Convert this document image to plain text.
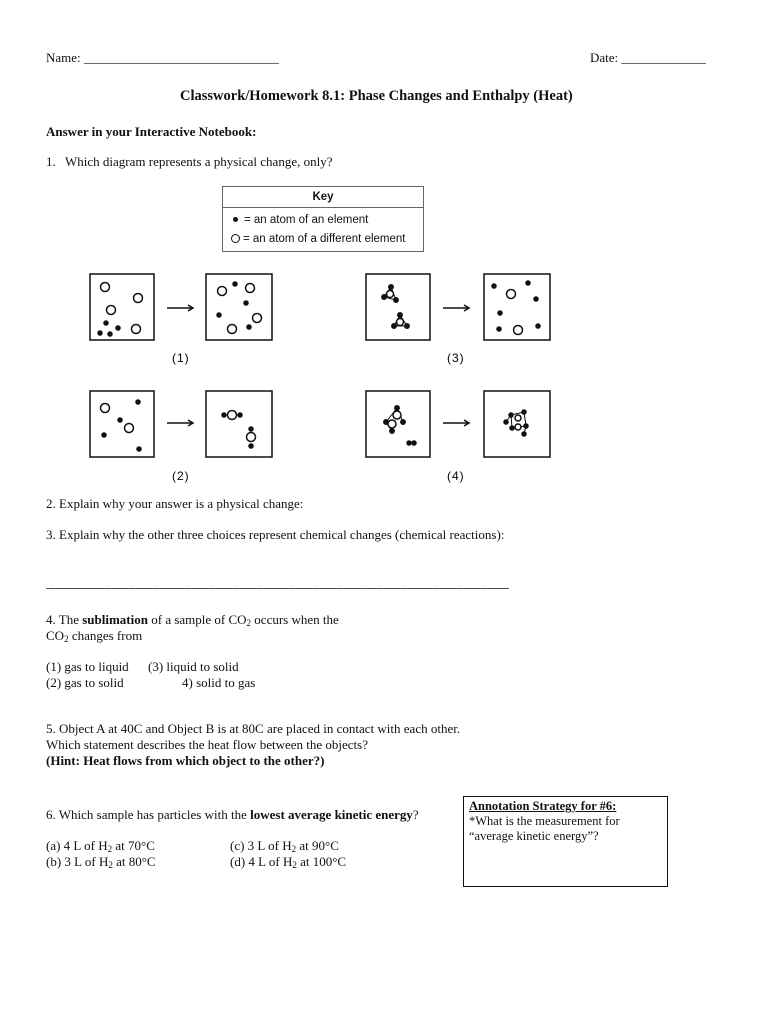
Name: ______________________________	Date: _____________
Classwork/Homework 8.1: Phase Changes and Enthalpy (Heat)
Answer in your Interactive Notebook:
1. Which diagram represents a physical change, only?
Key
= an atom of an element
= an atom of a different element
(1)	(3)
(2)	(4)
2. Explain why your answer is a physical change:
3. Explain why the other three choices represent chemical changes (chemical reactions):
-------------------------------------------------------------------------------------------------------------------------------------------------------
4. The sublimation of a sample of $CO_2$ occurs when the
$CO_2$ changes from
(1) gas to liquid (3) liquid to solid
(2) gas to solid	4) solid to gas
5. Object A at 40C and Object B is at 80C are placed in contact with each other.
Which statement describes the heat flow between the objects?
(Hint: Heat flows from which object to the other?)
6. Which sample has particles with the lowest average kinetic energy?
(a) 4 L of $H_2$ at 70°C
(b) 3 L of $H_2$ at 80°C
(c) 3 L of $H_2$ at 90°C
(d) 4 L of $H_2$ at 100°C
Annotation Strategy for #6:
*What is the measurement for
“average kinetic energy”?
